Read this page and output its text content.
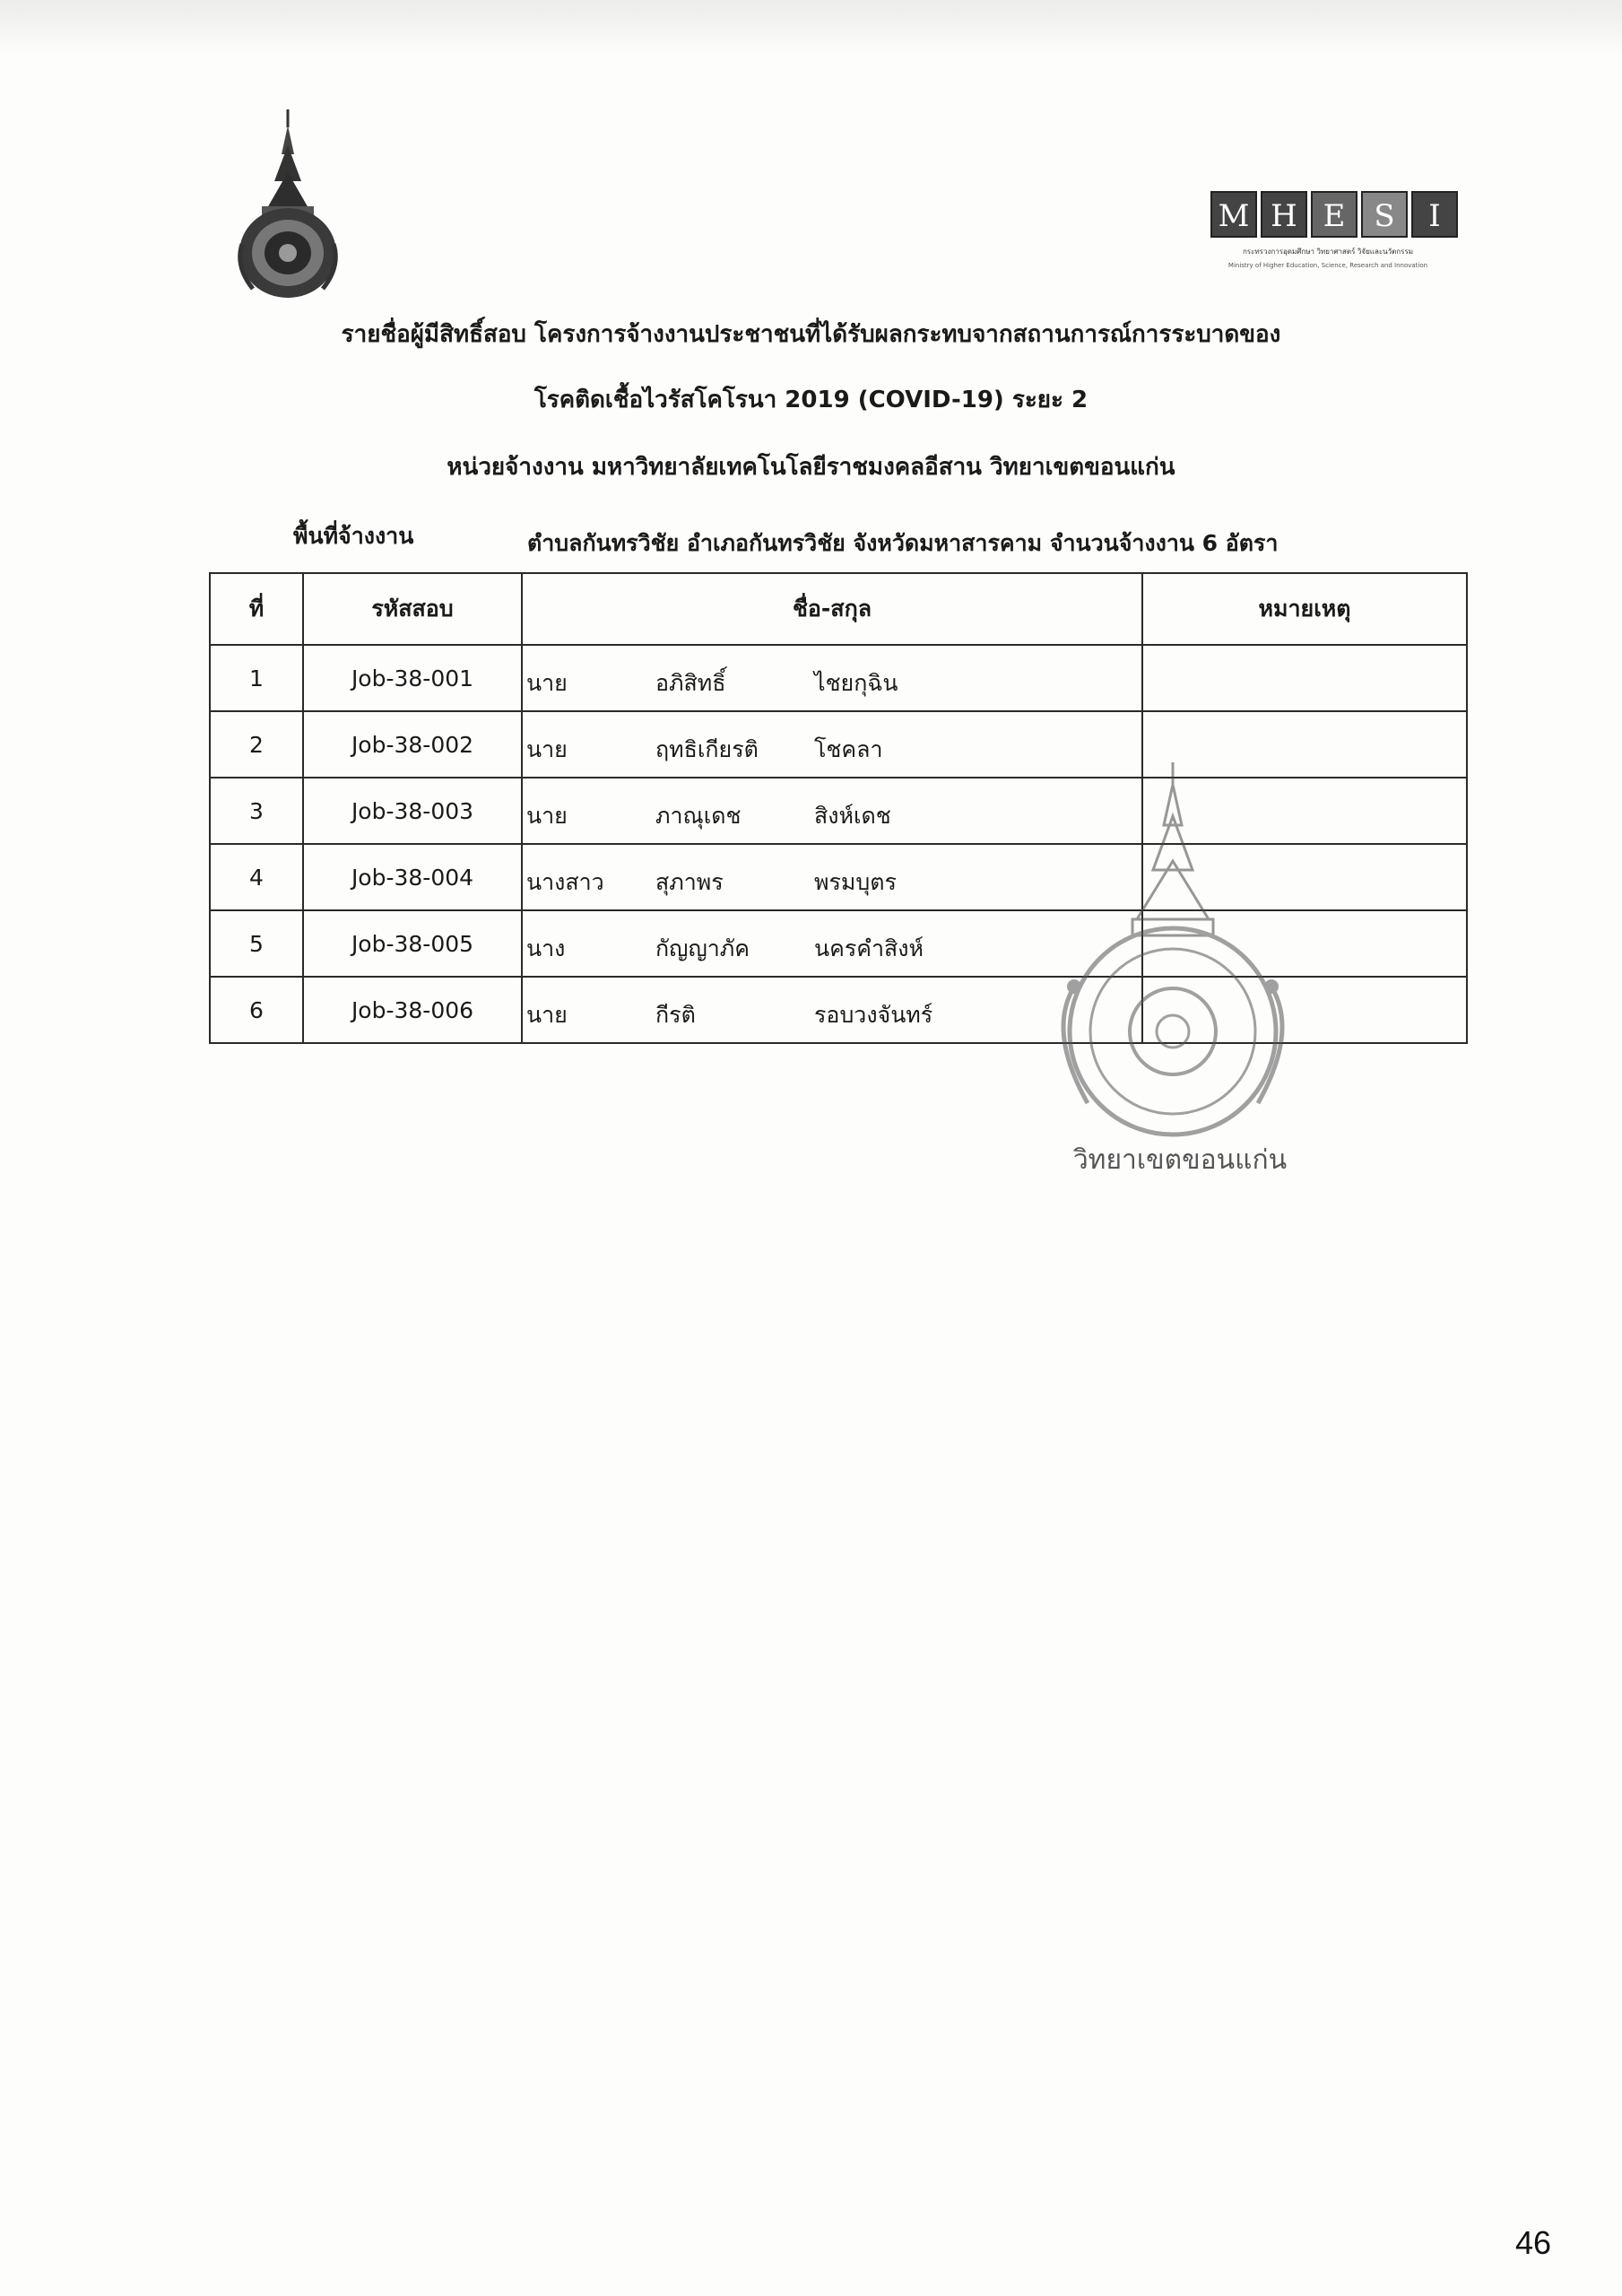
M H E S	I
กระทรวงการอุดมศึกษา วิทยาศาสตร์ วิจัยและนวัตกรรม
Ministry of Higher Education, Science, Research and Innovation
รายชื่อผู้มีสิทธิ์สอบ โครงการจ้างงานประชาชนที่ได้รับผลกระทบจากสถานการณ์การระบาดของ
โรคติดเชื้อไวรัสโคโรนา 2019 (COVID-19) ระยะ 2
หน่วยจ้างงาน มหาวิทยาลัยเทคโนโลยีราชมงคลอีสาน วิทยาเขตขอนแก่น
พื้นที่จ้างงาน	ตำบลกันทรวิชัย อำเภอกันทรวิชัย จังหวัดมหาสารคาม จำนวนจ้างงาน 6 อัตรา
ที่	รหัสสอบ	ชื่อ-สกุล	หมายเหตุ
1	Job-38-001	นาย อภิสิทธิ์ ไชยกุฉิน	

2	Job-38-002	นาย ฤทธิเกียรติ โชคลา	

3	Job-38-003	นาย ภาณุเดช สิงห์เดช	

4	Job-38-004	นางสาว สุภาพร พรมบุตร	

5	Job-38-005	นาง กัญญาภัค นครคำสิงห์	

6	Job-38-006	นาย กีรติ รอบวงจันทร์	

วิทยาเขตขอนแก่น
46
